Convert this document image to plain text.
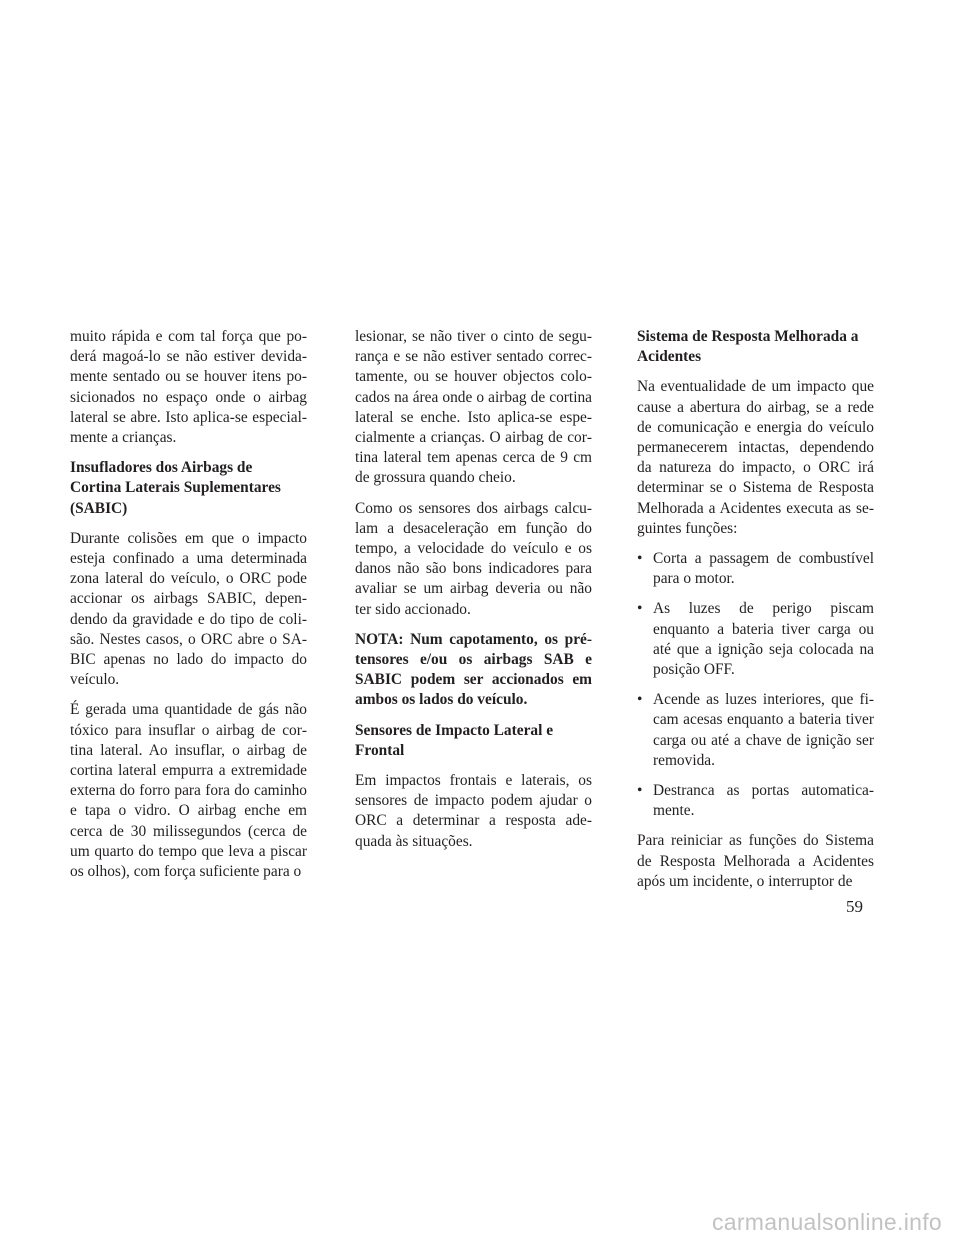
muito rápida e com tal força que poderá magoá-lo se não estiver devidamente sentado ou se houver itens posicionados no espaço onde o airbag lateral se abre. Isto aplica-se especialmente a crianças.

Insufladores dos Airbags de Cortina Laterais Suplementares (SABIC)

Durante colisões em que o impacto esteja confinado a uma determinada zona lateral do veículo, o ORC pode accionar os airbags SABIC, dependendo da gravidade e do tipo de colisão. Nestes casos, o ORC abre o SABIC apenas no lado do impacto do veículo.

É gerada uma quantidade de gás não tóxico para insuflar o airbag de cortina lateral. Ao insuflar, o airbag de cortina lateral empurra a extremidade externa do forro para fora do caminho e tapa o vidro. O airbag enche em cerca de 30 milissegundos (cerca de um quarto do tempo que leva a piscar os olhos), com força suficiente para o

lesionar, se não tiver o cinto de segurança e se não estiver sentado correctamente, ou se houver objectos colocados na área onde o airbag de cortina lateral se enche. Isto aplica-se especialmente a crianças. O airbag de cortina lateral tem apenas cerca de 9 cm de grossura quando cheio.

Como os sensores dos airbags calculam a desaceleração em função do tempo, a velocidade do veículo e os danos não são bons indicadores para avaliar se um airbag deveria ou não ter sido accionado.

NOTA: Num capotamento, os pré-tensores e/ou os airbags SAB e SABIC podem ser accionados em ambos os lados do veículo.

Sensores de Impacto Lateral e Frontal

Em impactos frontais e laterais, os sensores de impacto podem ajudar o ORC a determinar a resposta adequada às situações.

Sistema de Resposta Melhorada a Acidentes

Na eventualidade de um impacto que cause a abertura do airbag, se a rede de comunicação e energia do veículo permanecerem intactas, dependendo da natureza do impacto, o ORC irá determinar se o Sistema de Resposta Melhorada a Acidentes executa as seguintes funções:

• Corta a passagem de combustível para o motor.
• As luzes de perigo piscam enquanto a bateria tiver carga ou até que a ignição seja colocada na posição OFF.
• Acende as luzes interiores, que ficam acesas enquanto a bateria tiver carga ou até a chave de ignição ser removida.
• Destranca as portas automaticamente.

Para reiniciar as funções do Sistema de Resposta Melhorada a Acidentes após um incidente, o interruptor de

59
carmanualsonline.info
